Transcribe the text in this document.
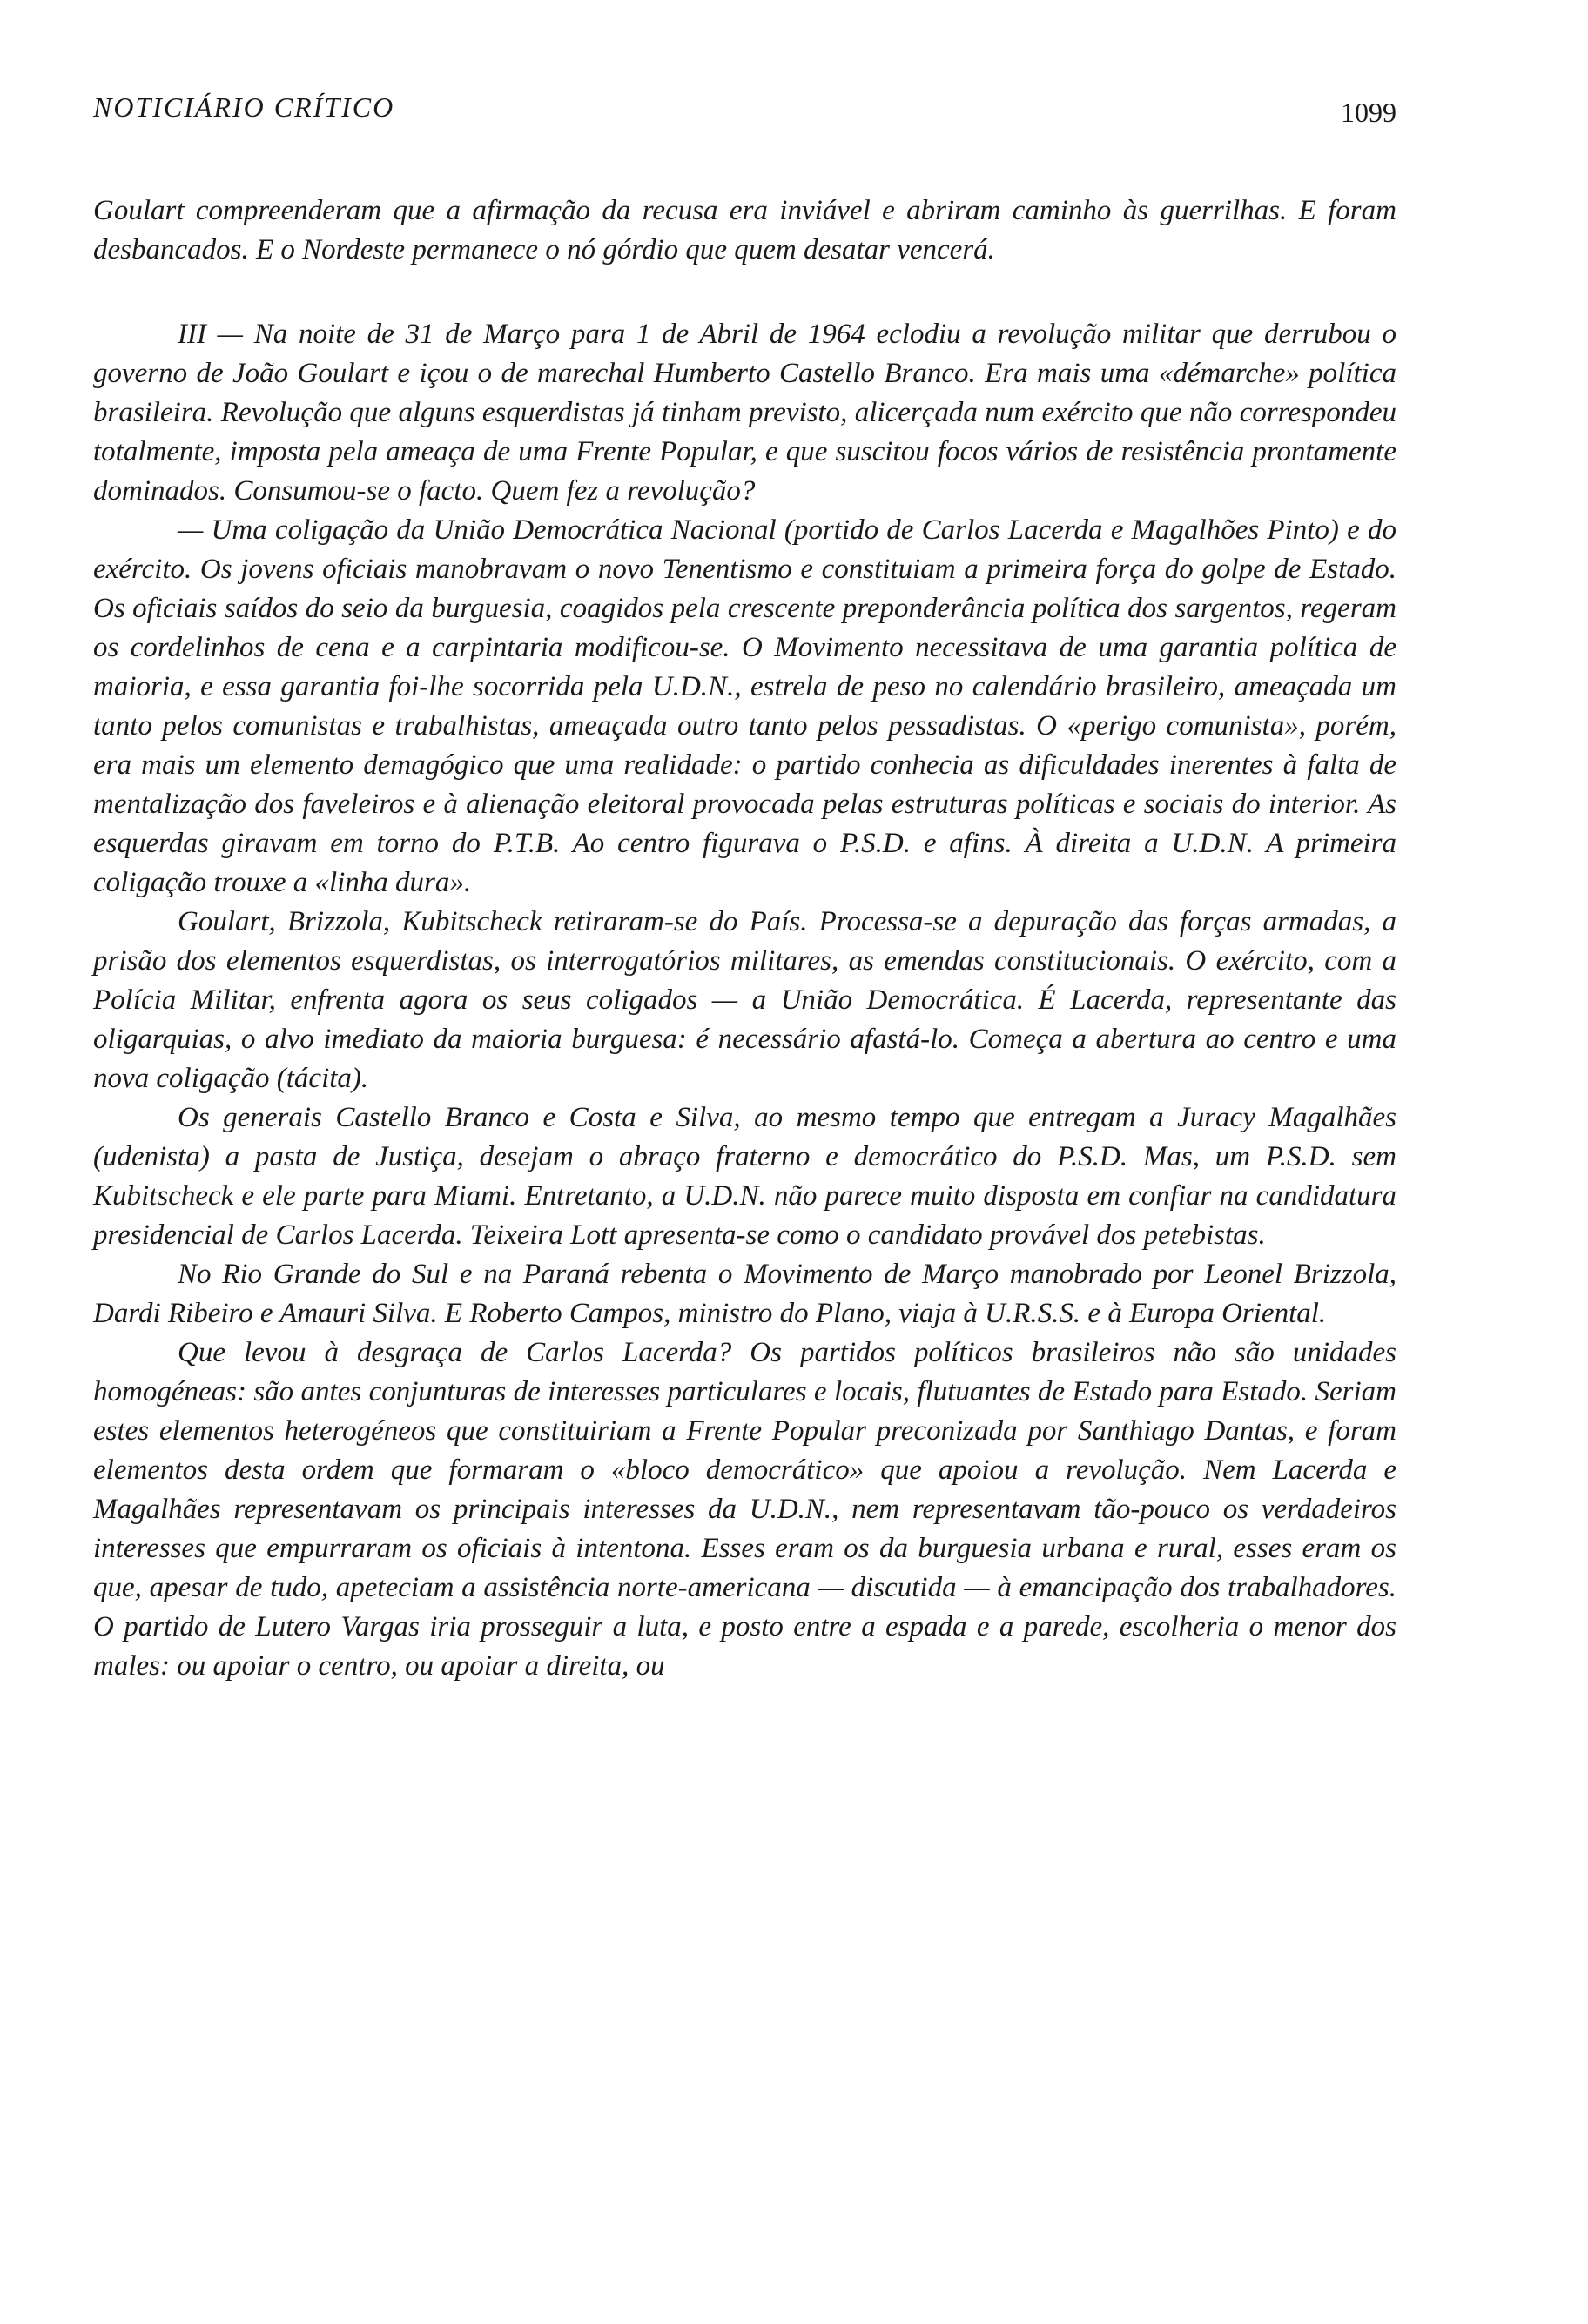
NOTICIÁRIO CRÍTICO	1099

Goulart compreenderam que a afirmação da recusa era inviável e abriram caminho às guerrilhas. E foram desbancados. E o Nordeste permanece o nó górdio que quem desatar vencerá.

III — Na noite de 31 de Março para 1 de Abril de 1964 eclodiu a revolução militar que derrubou o governo de João Goulart e içou o de marechal Humberto Castello Branco. Era mais uma «démarche» política brasileira. Revolução que alguns esquerdistas já tinham previsto, alicerçada num exército que não correspondeu totalmente, imposta pela ameaça de uma Frente Popular, e que suscitou focos vários de resistência prontamente dominados. Consumou-se o facto. Quem fez a revolução?

— Uma coligação da União Democrática Nacional (portido de Carlos Lacerda e Magalhões Pinto) e do exército. Os jovens oficiais manobravam o novo Tenentismo e constituiam a primeira força do golpe de Estado. Os oficiais saídos do seio da burguesia, coagidos pela crescente preponderância política dos sargentos, regeram os cordelinhos de cena e a carpintaria modificou-se. O Movimento necessitava de uma garantia política de maioria, e essa garantia foi-lhe socorrida pela U.D.N., estrela de peso no calendário brasileiro, ameaçada um tanto pelos comunistas e trabalhistas, ameaçada outro tanto pelos pessadistas. O «perigo comunista», porém, era mais um elemento demagógico que uma realidade: o partido conhecia as dificuldades inerentes à falta de mentalização dos faveleiros e à alienação eleitoral provocada pelas estruturas políticas e sociais do interior. As esquerdas giravam em torno do P.T.B. Ao centro figurava o P.S.D. e afins. À direita a U.D.N. A primeira coligação trouxe a «linha dura».

Goulart, Brizzola, Kubitscheck retiraram-se do País. Processa-se a depuração das forças armadas, a prisão dos elementos esquerdistas, os interrogatórios militares, as emendas constitucionais. O exército, com a Polícia Militar, enfrenta agora os seus coligados — a União Democrática. É Lacerda, representante das oligarquias, o alvo imediato da maioria burguesa: é necessário afastá-lo. Começa a abertura ao centro e uma nova coligação (tácita).

Os generais Castello Branco e Costa e Silva, ao mesmo tempo que entregam a Juracy Magalhães (udenista) a pasta de Justiça, desejam o abraço fraterno e democrático do P.S.D. Mas, um P.S.D. sem Kubitscheck e ele parte para Miami. Entretanto, a U.D.N. não parece muito disposta em confiar na candidatura presidencial de Carlos Lacerda. Teixeira Lott apresenta-se como o candidato provável dos petebistas.

No Rio Grande do Sul e na Paraná rebenta o Movimento de Março manobrado por Leonel Brizzola, Dardi Ribeiro e Amauri Silva. E Roberto Campos, ministro do Plano, viaja à U.R.S.S. e à Europa Oriental.

Que levou à desgraça de Carlos Lacerda? Os partidos políticos brasileiros não são unidades homogéneas: são antes conjunturas de interesses particulares e locais, flutuantes de Estado para Estado. Seriam estes elementos heterogéneos que constituiriam a Frente Popular preconizada por Santhiago Dantas, e foram elementos desta ordem que formaram o «bloco democrático» que apoiou a revolução. Nem Lacerda e Magalhães representavam os principais interesses da U.D.N., nem representavam tão-pouco os verdadeiros interesses que empurraram os oficiais à intentona. Esses eram os da burguesia urbana e rural, esses eram os que, apesar de tudo, apeteciam a assistência norte-americana — discutida — à emancipação dos trabalhadores. O partido de Lutero Vargas iria prosseguir a luta, e posto entre a espada e a parede, escolheria o menor dos males: ou apoiar o centro, ou apoiar a direita, ou
